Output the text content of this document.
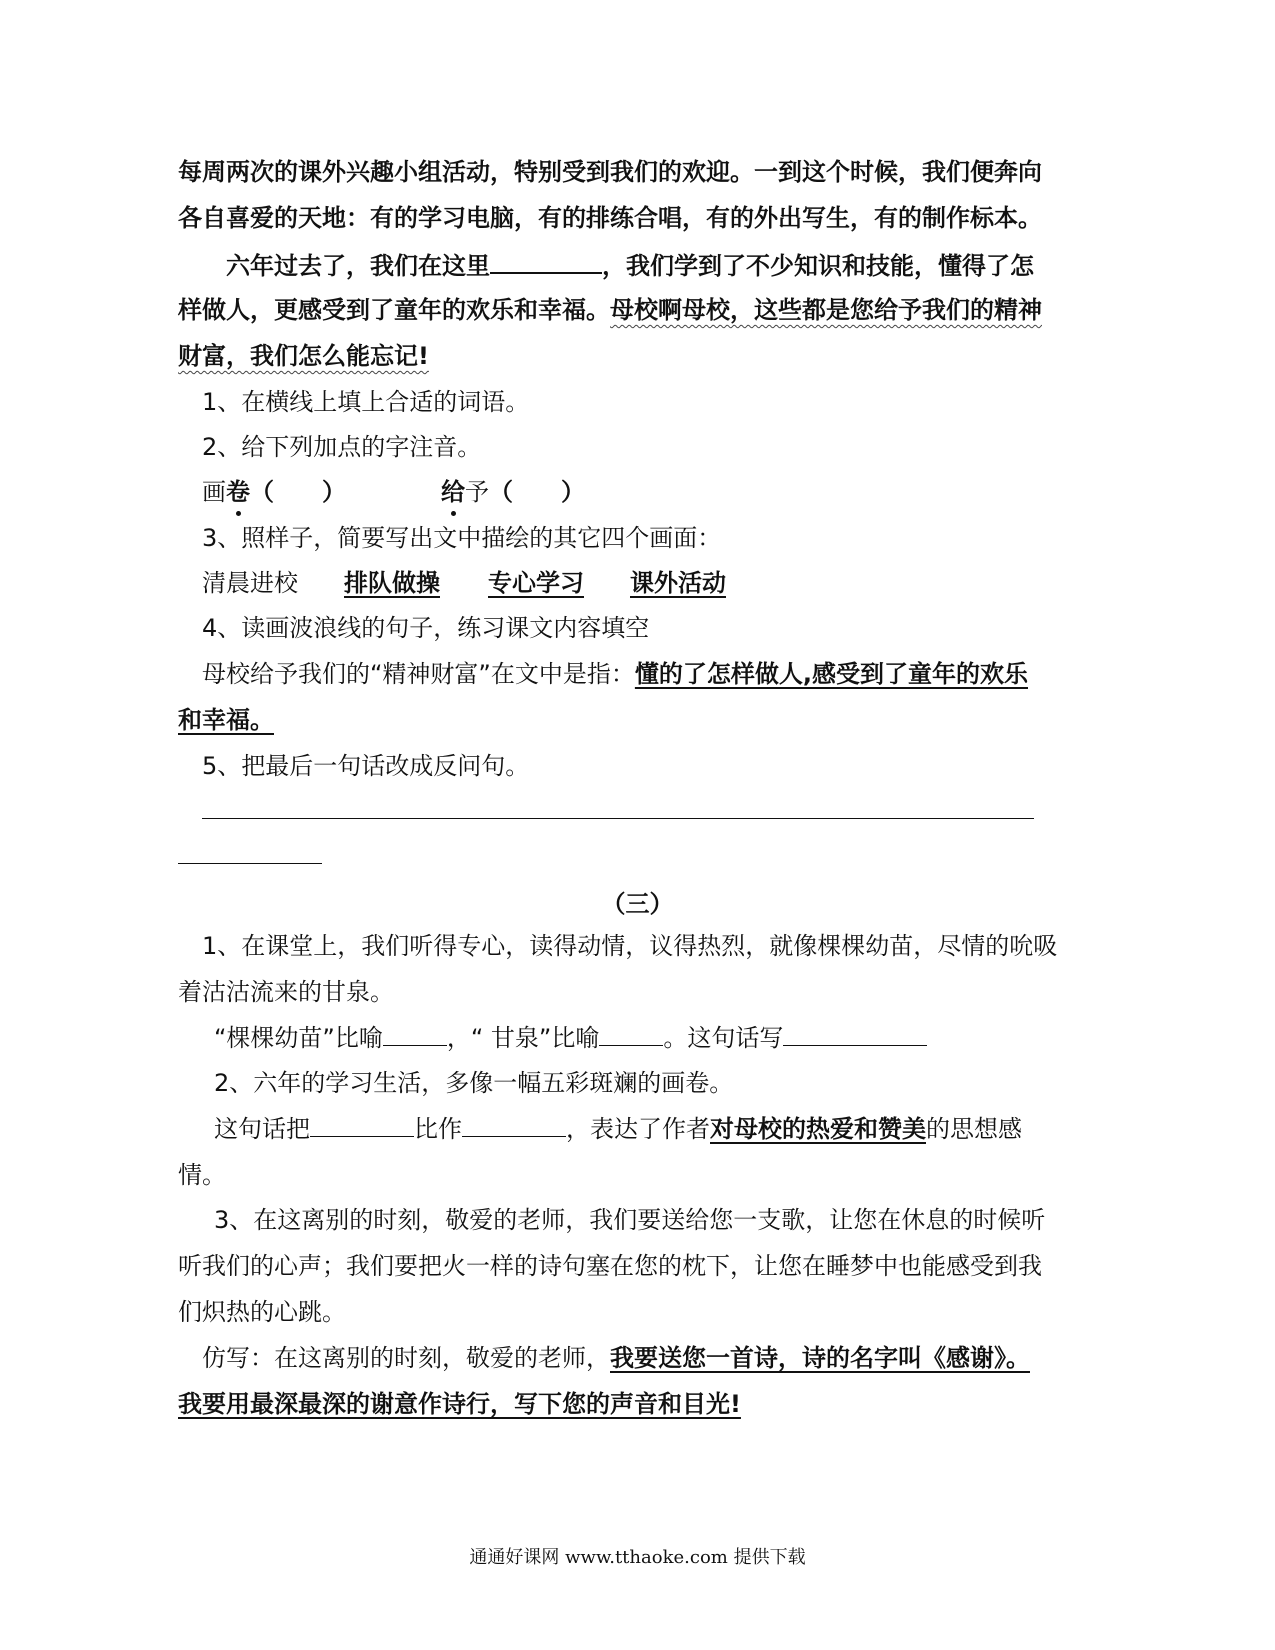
每周两次的课外兴趣小组活动，特别受到我们的欢迎。一到这个时候，我们便奔向
各自喜爱的天地：有的学习电脑，有的排练合唱，有的外出写生，有的制作标本。
六年过去了，我们在这里	，我们学到了不少知识和技能，懂得了怎
样做人，更感受到了童年的欢乐和幸福。母校啊母校，这些都是您给予我们的精神
财富，我们怎么能忘记!
1、在横线上填上合适的词语。
2、给下列加点的字注音。
画卷（　　）	给予（　　）
3、照样子，简要写出文中描绘的其它四个画面：
清晨进校 排队做操 专心学习 课外活动
4、读画波浪线的句子，练习课文内容填空
母校给予我们的“精神财富”在文中是指：懂的了怎样做人,感受到了童年的欢乐
和幸福。
5、把最后一句话改成反问句。
（三）
1、在课堂上，我们听得专心，读得动情，议得热烈，就像棵棵幼苗，尽情的吮吸
着沽沽流来的甘泉。
“棵棵幼苗”比喻	，“ 甘泉”比喻	。这句话写
2、六年的学习生活，多像一幅五彩斑斓的画卷。
这句话把	比作	，表达了作者对母校的热爱和赞美的思想感
情。
3、在这离别的时刻，敬爱的老师，我们要送给您一支歌，让您在休息的时候听
听我们的心声；我们要把火一样的诗句塞在您的枕下，让您在睡梦中也能感受到我
们炽热的心跳。
仿写：在这离别的时刻，敬爱的老师，我要送您一首诗，诗的名字叫《感谢》。
我要用最深最深的谢意作诗行，写下您的声音和目光!
通通好课网 www.tthaoke.com 提供下载
